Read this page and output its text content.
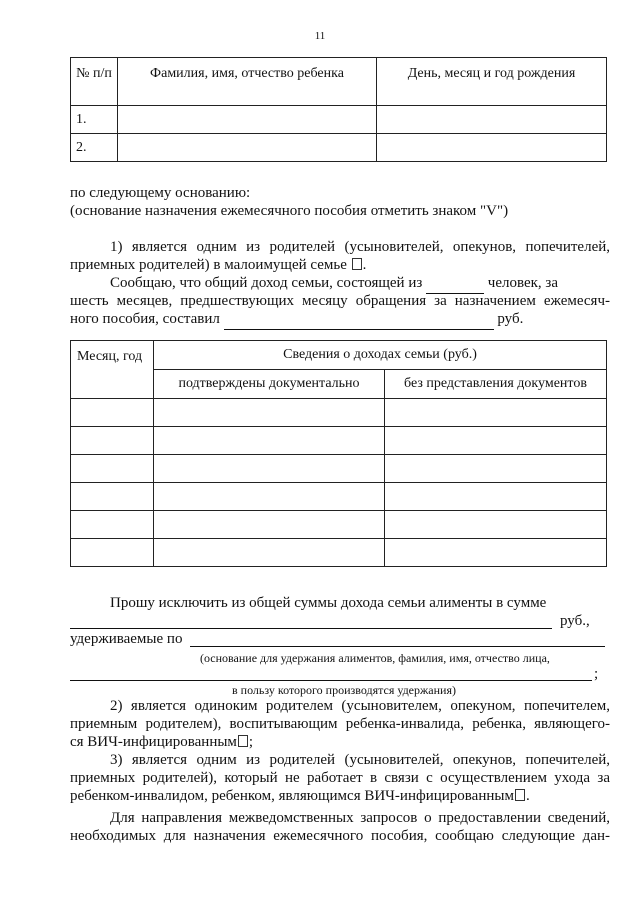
11
№ п/п	Фамилия, имя, отчество ребенка	День, месяц и год рождения
1.		
2.		
по следующему основанию:
(основание назначения ежемесячного пособия отметить знаком "V")
1) является одним из родителей (усыновителей, опекунов, попечителей,
приемных родителей) в малоимущей семье .
Сообщаю, что общий доход семьи, состоящей из	человек, за
шесть месяцев, предшествующих месяцу обращения за назначением ежемесяч-
ного пособия, составил	руб.
Месяц, год	Сведения о доходах семьи (руб.)	
	подтверждены документально	без представления документов

Прошу исключить из общей суммы дохода семьи алименты в сумме
руб.,
удерживаемые по
(основание для удержания алиментов, фамилия, имя, отчество лица,
;
в пользу которого производятся удержания)
2) является одиноким родителем (усыновителем, опекуном, попечителем,
приемным родителем), воспитывающим ребенка-инвалида, ребенка, являющего-
ся ВИЧ-инфицированным ;
3) является одним из родителей (усыновителей, опекунов, попечителей,
приемных родителей), который не работает в связи с осуществлением ухода за
ребенком-инвалидом, ребенком, являющимся ВИЧ-инфицированным .
Для направления межведомственных запросов о предоставлении сведений,
необходимых для назначения ежемесячного пособия, сообщаю следующие дан-
